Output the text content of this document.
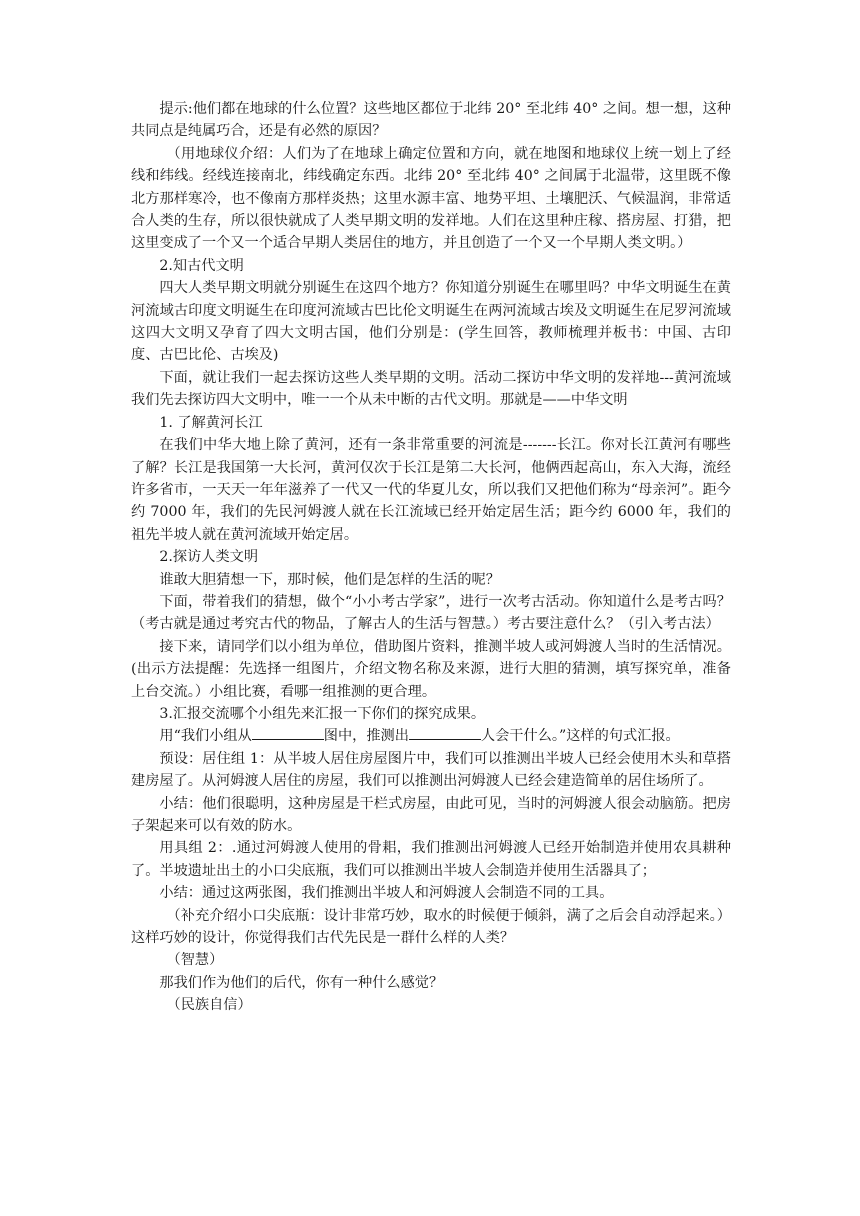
提示:他们都在地球的什么位置？这些地区都位于北纬 20° 至北纬 40° 之间。想一想，这种共同点是纯属巧合，还是有必然的原因？

（用地球仪介绍：人们为了在地球上确定位置和方向，就在地图和地球仪上统一划上了经线和纬线。经线连接南北，纬线确定东西。北纬 20° 至北纬 40° 之间属于北温带，这里既不像北方那样寒冷，也不像南方那样炎热；这里水源丰富、地势平坦、土壤肥沃、气候温润，非常适合人类的生存，所以很快就成了人类早期文明的发祥地。人们在这里种庄稼、搭房屋、打猎，把这里变成了一个又一个适合早期人类居住的地方，并且创造了一个又一个早期人类文明。）

2.知古代文明

四大人类早期文明就分别诞生在这四个地方？你知道分别诞生在哪里吗？中华文明诞生在黄河流域古印度文明诞生在印度河流域古巴比伦文明诞生在两河流域古埃及文明诞生在尼罗河流域这四大文明又孕育了四大文明古国，他们分别是：(学生回答，教师梳理并板书：中国、古印度、古巴比伦、古埃及)

下面，就让我们一起去探访这些人类早期的文明。活动二探访中华文明的发祥地---黄河流域我们先去探访四大文明中，唯一一个从未中断的古代文明。那就是——中华文明

1. 了解黄河长江

在我们中华大地上除了黄河，还有一条非常重要的河流是-------长江。你对长江黄河有哪些了解？长江是我国第一大长河，黄河仅次于长江是第二大长河，他俩西起高山，东入大海，流经许多省市，一天天一年年滋养了一代又一代的华夏儿女，所以我们又把他们称为“母亲河”。距今约 7000 年，我们的先民河姆渡人就在长江流域已经开始定居生活；距今约 6000 年，我们的祖先半坡人就在黄河流域开始定居。

2.探访人类文明

谁敢大胆猜想一下，那时候，他们是怎样的生活的呢？

下面，带着我们的猜想，做个“小小考古学家”，进行一次考古活动。你知道什么是考古吗？（考古就是通过考究古代的物品，了解古人的生活与智慧。）考古要注意什么？（引入考古法）

接下来，请同学们以小组为单位，借助图片资料，推测半坡人或河姆渡人当时的生活情况。(出示方法提醒：先选择一组图片，介绍文物名称及来源，进行大胆的猜测，填写探究单，准备上台交流。）小组比赛，看哪一组推测的更合理。

3.汇报交流哪个小组先来汇报一下你们的探究成果。

用“我们小组从	图中，推测出	人会干什么。”这样的句式汇报。

预设：居住组 1：从半坡人居住房屋图片中，我们可以推测出半坡人已经会使用木头和草搭建房屋了。从河姆渡人居住的房屋，我们可以推测出河姆渡人已经会建造简单的居住场所了。

小结：他们很聪明，这种房屋是干栏式房屋，由此可见，当时的河姆渡人很会动脑筋。把房子架起来可以有效的防水。

用具组 2：.通过河姆渡人使用的骨耜，我们推测出河姆渡人已经开始制造并使用农具耕种了。半坡遗址出土的小口尖底瓶，我们可以推测出半坡人会制造并使用生活器具了；

小结：通过这两张图，我们推测出半坡人和河姆渡人会制造不同的工具。

（补充介绍小口尖底瓶：设计非常巧妙，取水的时候便于倾斜，满了之后会自动浮起来。）这样巧妙的设计，你觉得我们古代先民是一群什么样的人类？

（智慧）

那我们作为他们的后代，你有一种什么感觉？

（民族自信）
